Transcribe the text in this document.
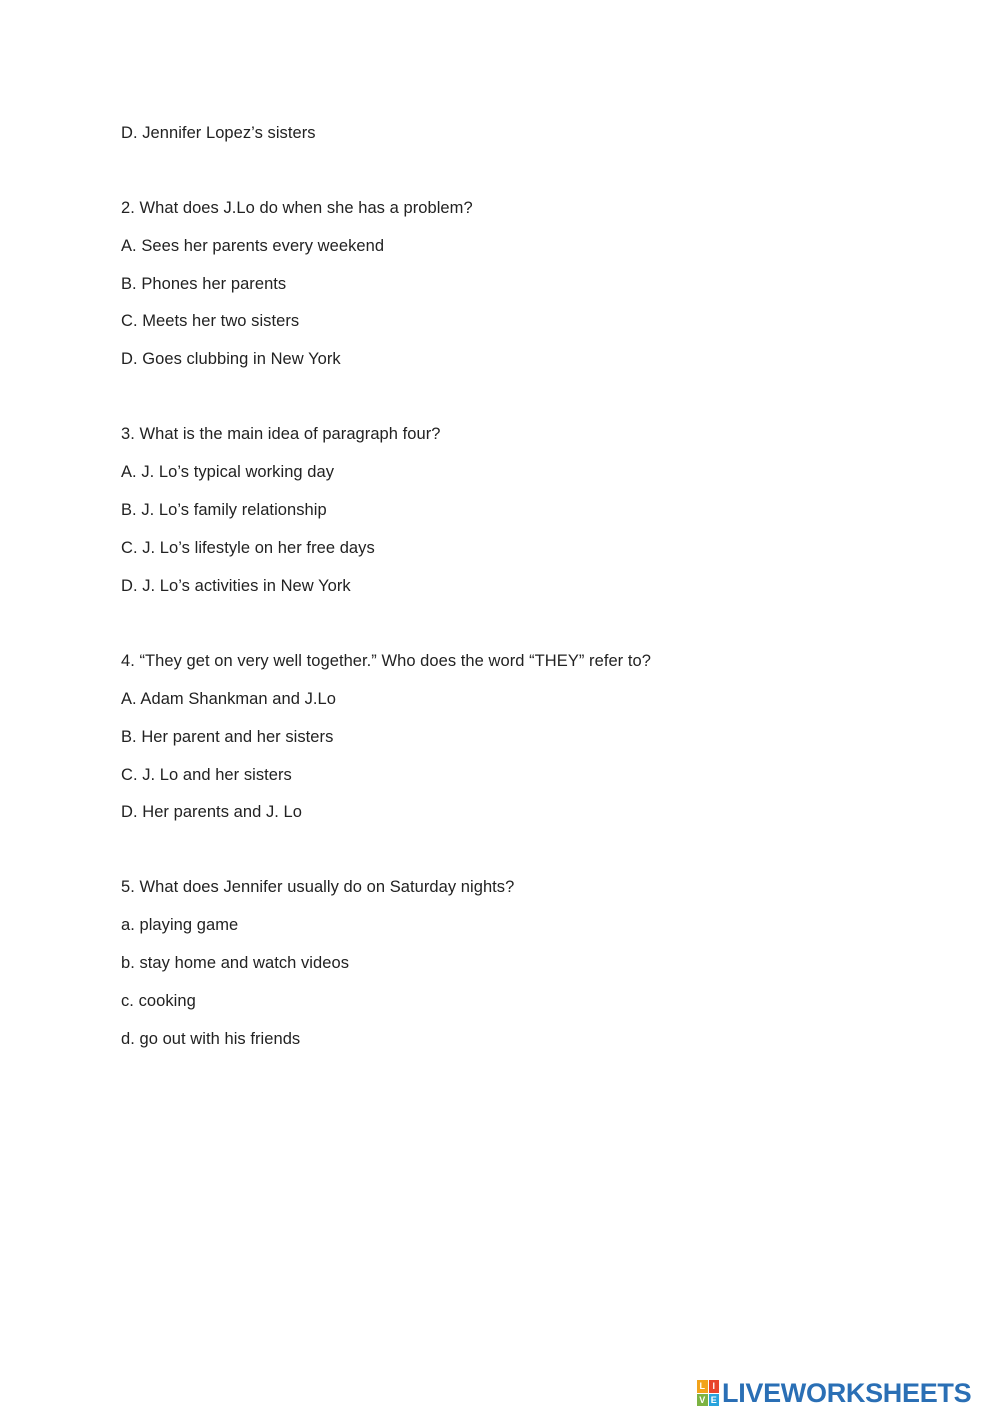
D. Jennifer Lopez’s sisters
2. What does J.Lo do when she has a problem?
A. Sees her parents every weekend
B. Phones her parents
C. Meets her two sisters
D. Goes clubbing in New York
3. What is the main idea of paragraph four?
A. J. Lo’s typical working day
B. J. Lo’s family relationship
C. J. Lo’s lifestyle on her free days
D. J. Lo’s activities in New York
4. “They get on very well together.” Who does the word “THEY” refer to?
A. Adam Shankman and J.Lo
B. Her parent and her sisters
C. J. Lo and her sisters
D. Her parents and J. Lo
5. What does Jennifer usually do on Saturday nights?
a. playing game
b. stay home and watch videos
c. cooking
d. go out with his friends
L I
V E LIVEWORKSHEETS
